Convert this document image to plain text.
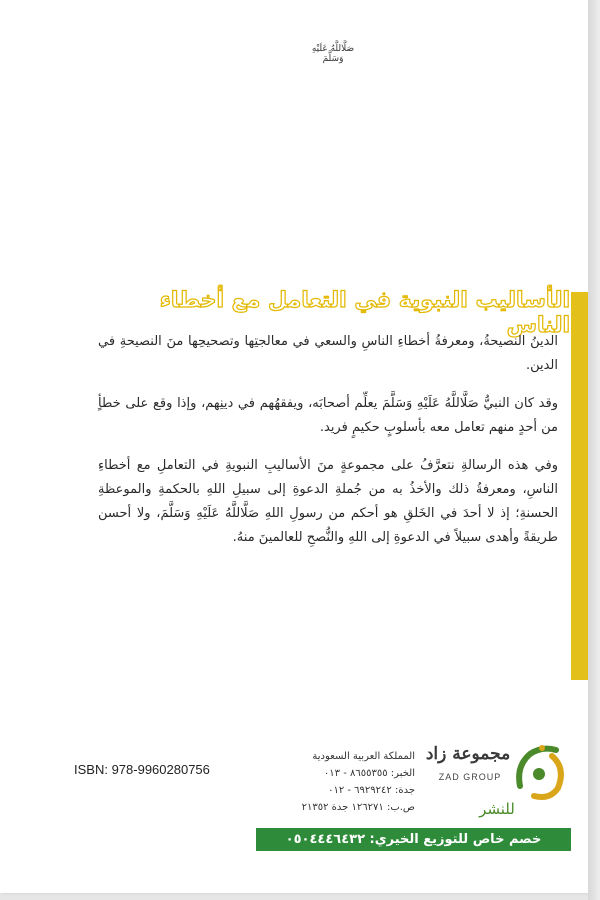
صَلَّاللَّهُ عَلَيْهِ وَسَلَّمَ
الأساليب النبوية في التعامل مع أخطاء الناس

الدينُ النصيحةُ، ومعرفةُ أخطاءِ الناسِ والسعي في معالجتِها وتصحيحِها منَ النصيحةِ في الدين.

وقد كان النبيُّ صَلَّاللَّهُ عَلَيْهِ وَسَلَّمَ يعلِّم أصحابَه، ويفقهُهم في دينِهم، وإذا وقع على خطأٍ من أحدٍ منهم تعامل معه بأسلوبٍ حكيمٍ فريد.

وفي هذه الرسالةِ نتعرَّفُ على مجموعةٍ منَ الأساليبِ النبويةِ في التعاملِ مع أخطاءِ الناسِ، ومعرفةُ ذلك والأخذُ به من جُملةِ الدعوةِ إلى سبيلِ اللهِ بالحكمةِ والموعظةِ الحسنةِ؛ إذ لا أحدَ في الخَلقِ هو أحكم من رسولِ اللهِ صَلَّاللَّهُ عَلَيْهِ وَسَلَّمَ، ولا أحسن طريقةً وأهدى سبيلاً في الدعوةِ إلى اللهِ والنُّصحِ للعالمينَ منهُ.

ISBN: 978-9960280756
المملكة العربية السعودية
الخبر: ٨٦٥٥٣٥٥ - ٠١٣
جدة: ٦٩٢٩٢٤٢ - ٠١٢
ص.ب: ١٢٦٢٧١ جدة ٢١٣٥٢
مجموعة زاد
ZAD GROUP
للنشر
خصم خاص للتوزيع الخيري: ٠٥٠٤٤٤٦٤٣٢
